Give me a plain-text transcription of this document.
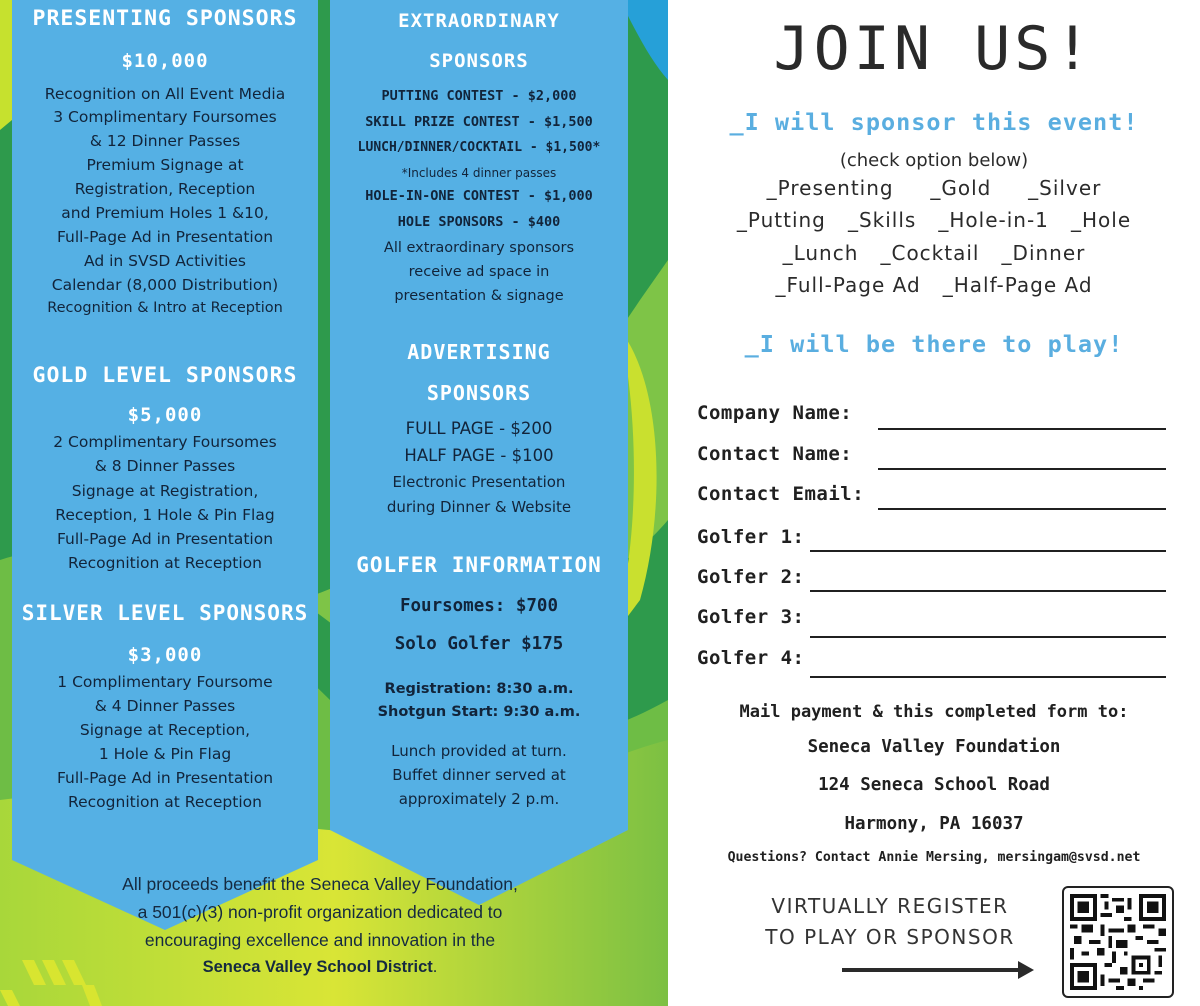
PRESENTING SPONSORS
$10,000
Recognition on All Event Media
3 Complimentary Foursomes
& 12 Dinner Passes
Premium Signage at
Registration, Reception
and Premium Holes 1 &10,
Full-Page Ad in Presentation
Ad in SVSD Activities
Calendar (8,000 Distribution)
Recognition & Intro at Reception
GOLD LEVEL SPONSORS
$5,000
2 Complimentary Foursomes
& 8 Dinner Passes
Signage at Registration,
Reception, 1 Hole & Pin Flag
Full-Page Ad in Presentation
Recognition at Reception
SILVER LEVEL SPONSORS
$3,000
1 Complimentary Foursome
& 4 Dinner Passes
Signage at Reception,
1 Hole & Pin Flag
Full-Page Ad in Presentation
Recognition at Reception
EXTRAORDINARY
SPONSORS
PUTTING CONTEST - $2,000
SKILL PRIZE CONTEST - $1,500
LUNCH/DINNER/COCKTAIL - $1,500*
*Includes 4 dinner passes
HOLE-IN-ONE CONTEST - $1,000
HOLE SPONSORS - $400
All extraordinary sponsors
receive ad space in
presentation & signage
ADVERTISING
SPONSORS
FULL PAGE - $200
HALF PAGE - $100
Electronic Presentation
during Dinner & Website
GOLFER INFORMATION
Foursomes: $700
Solo Golfer $175
Registration: 8:30 a.m.
Shotgun Start: 9:30 a.m.
Lunch provided at turn.
Buffet dinner served at
approximately 2 p.m.
All proceeds benefit the Seneca Valley Foundation,
a 501(c)(3) non-profit organization dedicated to
encouraging excellence and innovation in the
Seneca Valley School District.
JOIN US!
_I will sponsor this event!
(check option below)
_Presenting     _Gold     _Silver
_Putting   _Skills   _Hole-in-1   _Hole
_Lunch   _Cocktail   _Dinner
_Full-Page Ad   _Half-Page Ad
_I will be there to play!
Company Name:
Contact Name:
Contact Email:
Golfer 1:
Golfer 2:
Golfer 3:
Golfer 4:
Mail payment & this completed form to:
Seneca Valley Foundation
124 Seneca School Road
Harmony, PA 16037
Questions? Contact Annie Mersing, mersingam@svsd.net
VIRTUALLY REGISTER
TO PLAY OR SPONSOR
